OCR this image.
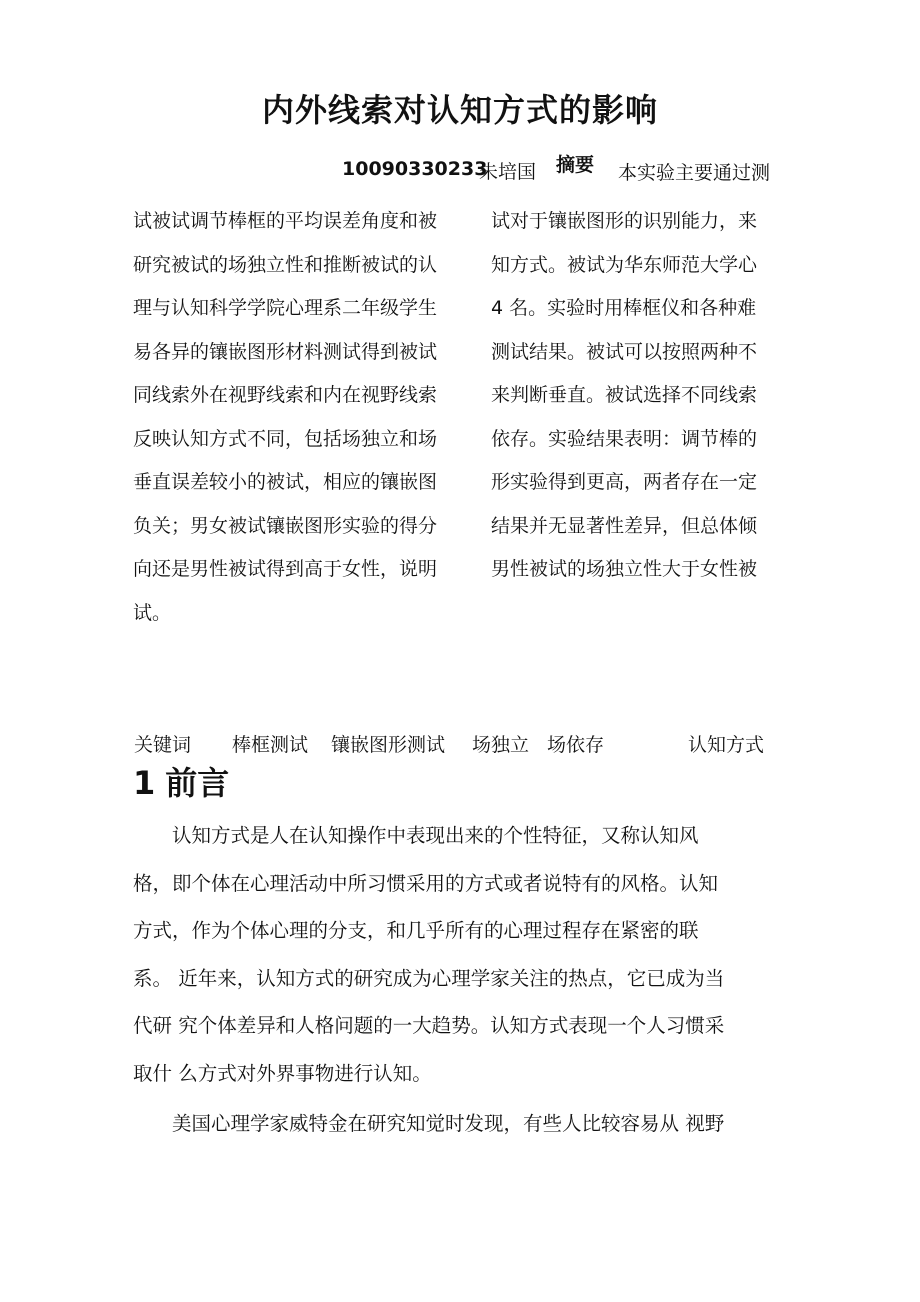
内外线索对认知方式的影响
10090330233
朱培国 摘要 本实验主要通过测
试被试调节棒框的平均误差角度和被
研究被试的场独立性和推断被试的认
理与认知科学学院心理系二年级学生
易各异的镶嵌图形材料测试得到被试
同线索外在视野线索和内在视野线索
反映认知方式不同，包括场独立和场
垂直误差较小的被试，相应的镶嵌图
负关；男女被试镶嵌图形实验的得分
向还是男性被试得到高于女性，说明
试。
试对于镶嵌图形的识别能力，来
知方式。被试为华东师范大学心
4 名。实验时用棒框仪和各种难
测试结果。被试可以按照两种不
来判断垂直。被试选择不同线索
依存。实验结果表明：调节棒的
形实验得到更高，两者存在一定
结果并无显著性差异，但总体倾
男性被试的场独立性大于女性被
关键词 棒框测试 镶嵌图形测试 场独立 场依存	认知方式
1 前言
　　认知方式是人在认知操作中表现出来的个性特征，又称认知风
格，即个体在心理活动中所习惯采用的方式或者说特有的风格。认知
方式，作为个体心理的分支，和几乎所有的心理过程存在紧密的联
系。 近年来，认知方式的研究成为心理学家关注的热点，它已成为当
代研 究个体差异和人格问题的一大趋势。认知方式表现一个人习惯采
取什 么方式对外界事物进行认知。
　　美国心理学家威特金在研究知觉时发现，有些人比较容易从 视野
